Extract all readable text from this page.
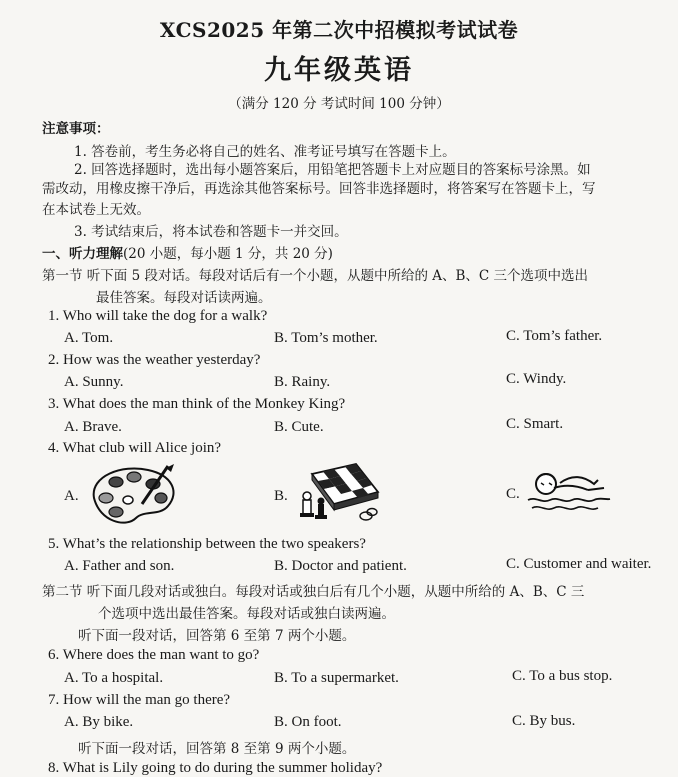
XCS2025 年第二次中招模拟考试试卷
九年级英语
（满分 120 分 考试时间 100 分钟）
注意事项：
1. 答卷前，考生务必将自己的姓名、准考证号填写在答题卡上。
2. 回答选择题时，选出每小题答案后，用铅笔把答题卡上对应题目的答案标号涂黑。如
需改动，用橡皮擦干净后，再选涂其他答案标号。回答非选择题时，将答案写在答题卡上，写
在本试卷上无效。
3. 考试结束后，将本试卷和答题卡一并交回。
一、听力理解(20 小题，每小题 1 分，共 20 分)
第一节 听下面 5 段对话。每段对话后有一个小题，从题中所给的 A、B、C 三个选项中选出
最佳答案。每段对话读两遍。
1. Who will take the dog for a walk?
A. Tom.	B. Tom’s mother.	C. Tom’s father.
2. How was the weather yesterday?
A. Sunny.	B. Rainy.	C. Windy.
3. What does the man think of the Monkey King?
A. Brave.	B. Cute.	C. Smart.
4. What club will Alice join?
A.	B.	C.
5. What’s the relationship between the two speakers?
A. Father and son.	B. Doctor and patient.	C. Customer and waiter.
第二节 听下面几段对话或独白。每段对话或独白后有几个小题，从题中所给的 A、B、C 三
个选项中选出最佳答案。每段对话或独白读两遍。
听下面一段对话，回答第 6 至第 7 两个小题。
6. Where does the man want to go?
A. To a hospital.	B. To a supermarket.	C. To a bus stop.
7. How will the man go there?
A. By bike.	B. On foot.	C. By bus.
听下面一段对话，回答第 8 至第 9 两个小题。
8. What is Lily going to do during the summer holiday?
